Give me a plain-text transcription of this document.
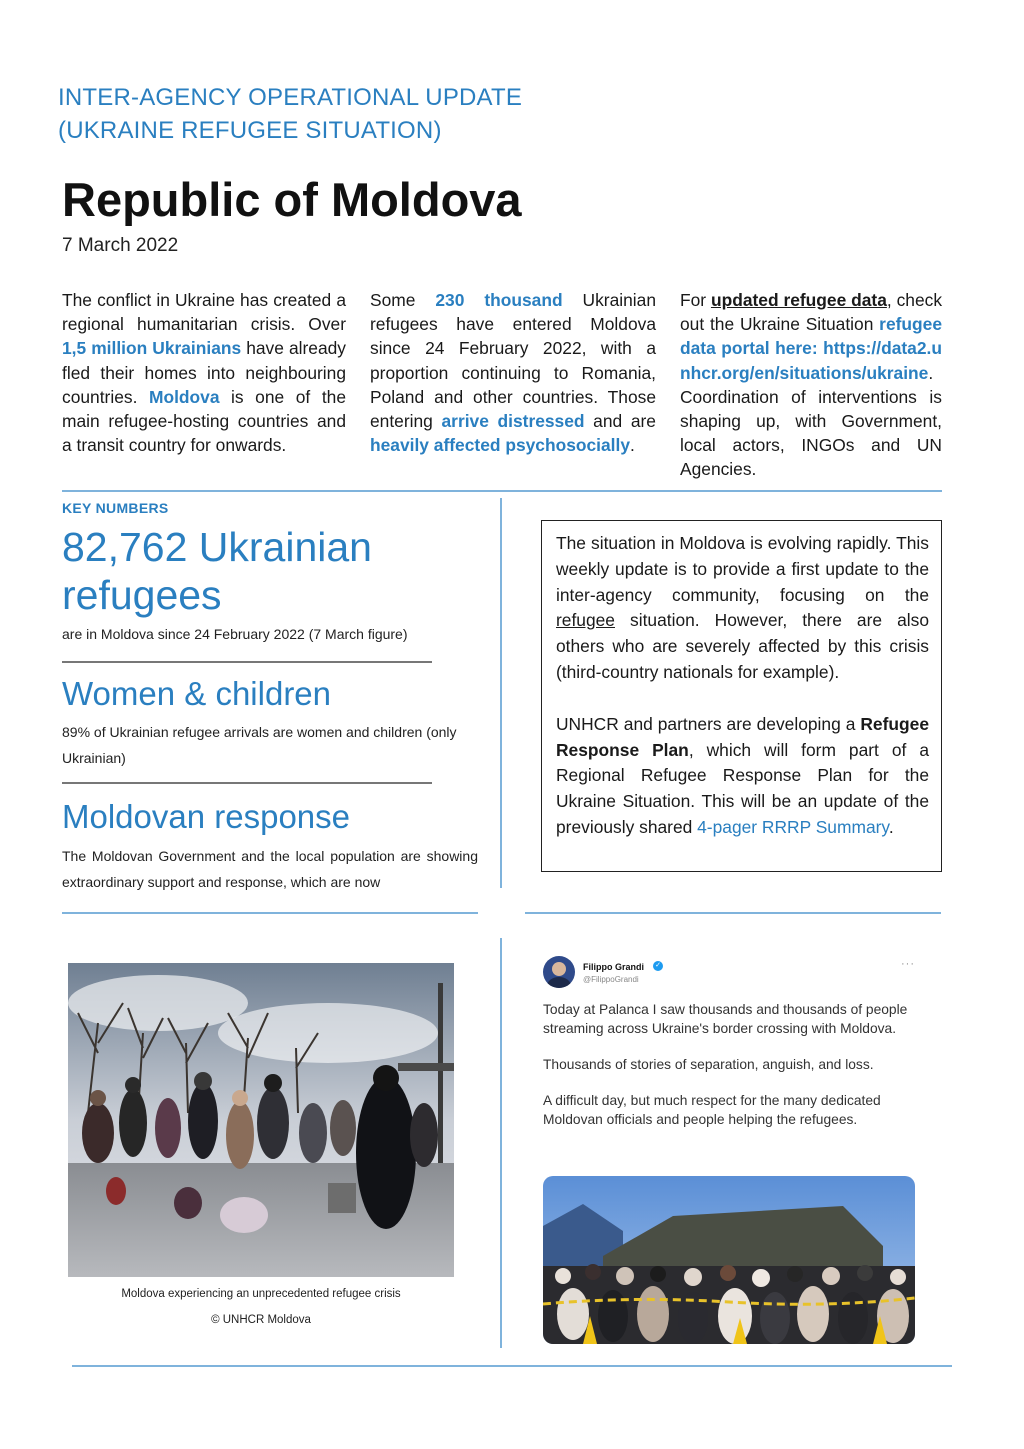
INTER-AGENCY OPERATIONAL UPDATE
(UKRAINE REFUGEE SITUATION)
Republic of Moldova
7 March 2022
The conflict in Ukraine has created a regional humanitarian crisis. Over 1,5 million Ukrainians have already fled their homes into neighbouring countries. Moldova is one of the main refugee-hosting countries and a transit country for onwards.
Some 230 thousand Ukrainian refugees have entered Moldova since 24 February 2022, with a proportion continuing to Romania, Poland and other countries. Those entering arrive distressed and are heavily affected psychosocially.
For updated refugee data, check out the Ukraine Situation refugee data portal here: https://data2.unhcr.org/en/situations/ukraine. Coordination of interventions is shaping up, with Government, local actors, INGOs and UN Agencies.
KEY NUMBERS
82,762 Ukrainian refugees
are in Moldova since 24 February 2022 (7 March figure)
Women & children
89% of Ukrainian refugee arrivals are women and children (only Ukrainian)
Moldovan response
The Moldovan Government and the local population are showing extraordinary support and response, which are now

The situation in Moldova is evolving rapidly. This weekly update is to provide a first update to the inter-agency community, focusing on the refugee situation. However, there are also others who are severely affected by this crisis (third-country nationals for example).

UNHCR and partners are developing a Refugee Response Plan, which will form part of a Regional Refugee Response Plan for the Ukraine Situation. This will be an update of the previously shared 4-pager RRRP Summary.

Moldova experiencing an unprecedented refugee crisis
© UNHCR Moldova
Filippo Grandi ✓
@FilippoGrandi
···

Today at Palanca I saw thousands and thousands of people streaming across Ukraine's border crossing with Moldova.

Thousands of stories of separation, anguish, and loss.

A difficult day, but much respect for the many dedicated Moldovan officials and people helping the refugees.
